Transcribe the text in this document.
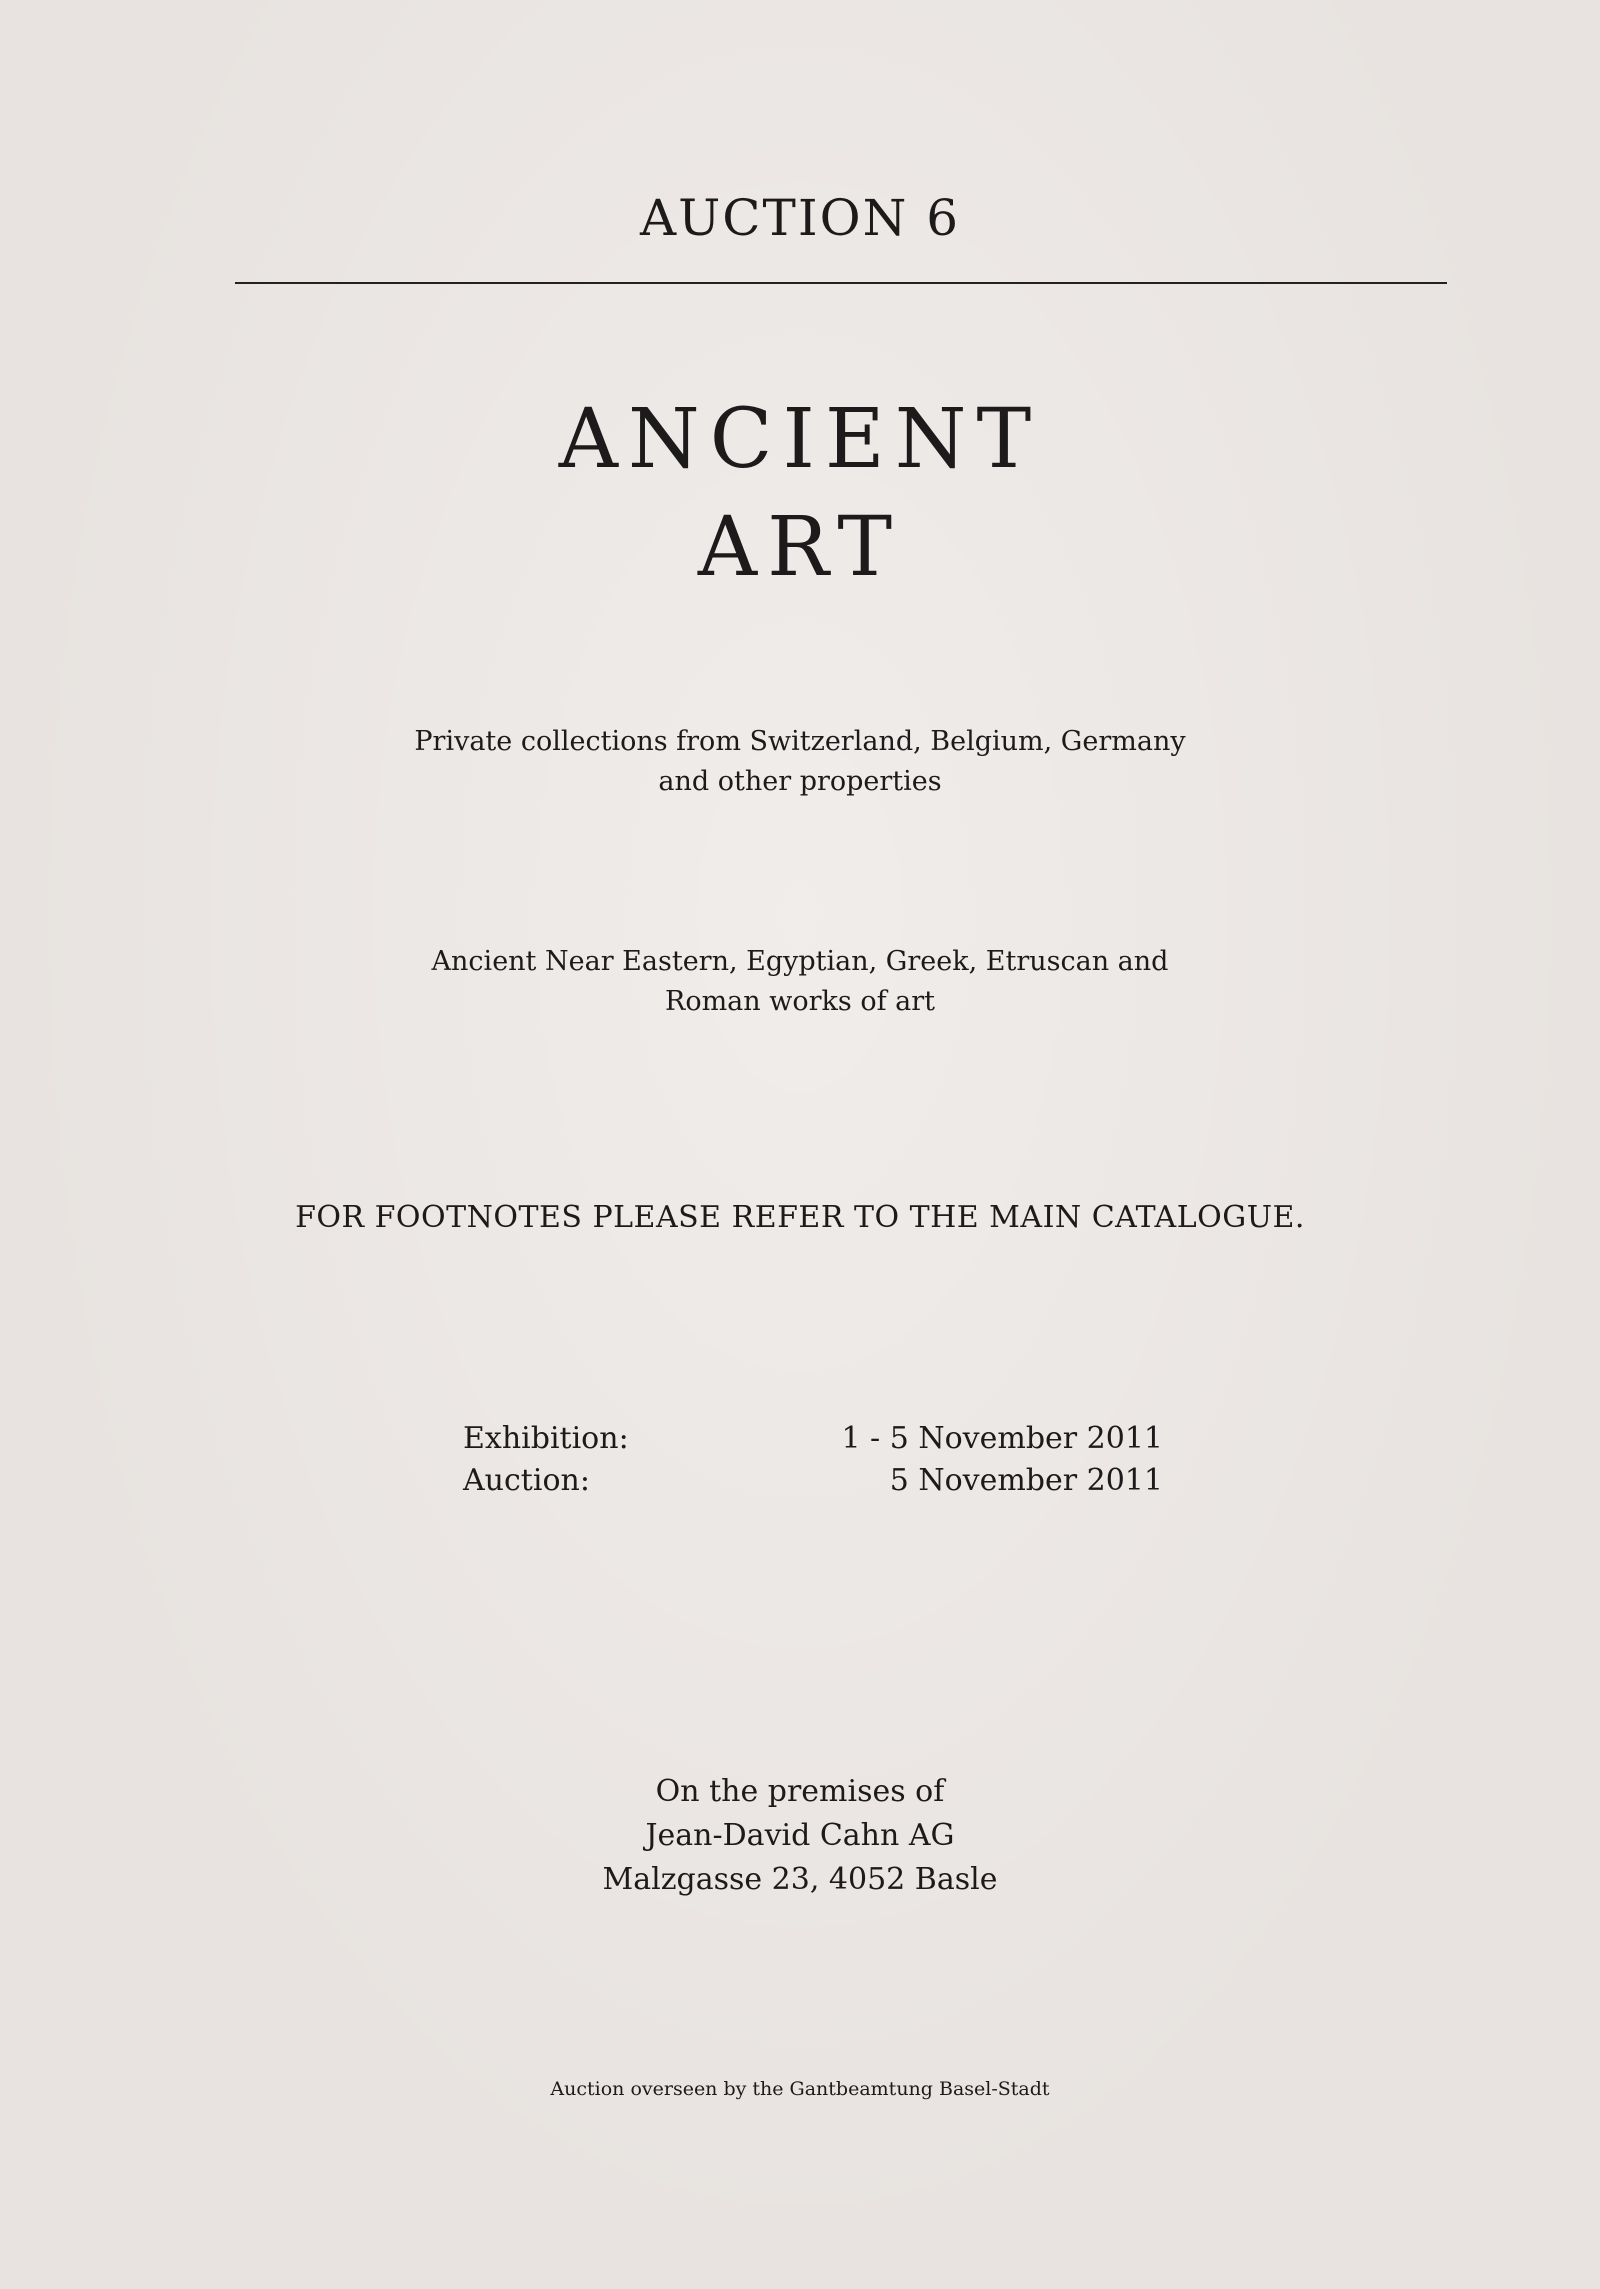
AUCTION 6
ANCIENT
ART
Private collections from Switzerland, Belgium, Germany
and other properties
Ancient Near Eastern, Egyptian, Greek, Etruscan and
Roman works of art
FOR FOOTNOTES PLEASE REFER TO THE MAIN CATALOGUE.
Exhibition:	1 - 5 November 2011
Auction:	5 November 2011
On the premises of
Jean-David Cahn AG
Malzgasse 23, 4052 Basle
Auction overseen by the Gantbeamtung Basel-Stadt
